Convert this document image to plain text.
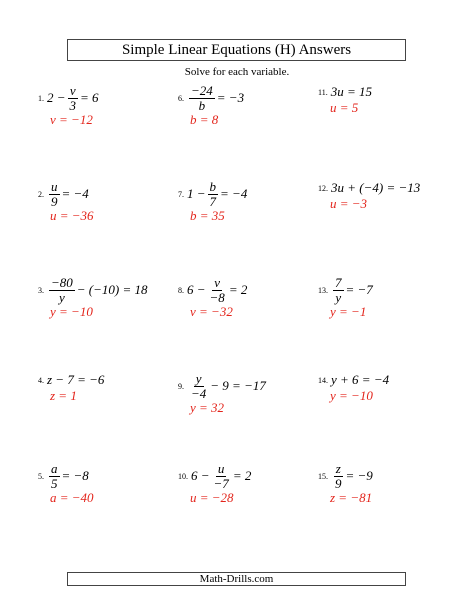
Simple Linear Equations (H) Answers
Solve for each variable.
1. $2 - \frac{v}{3} = 6$
v = −12
2. $\frac{u}{9} = -4$
u = −36
3. $\frac{-80}{y} - (-10) = 18$
y = −10
4. z − 7 = −6
z = 1
5. $\frac{a}{5} = -8$
a = −40
6. $\frac{-24}{b} = -3$
b = 8
7. $1 - \frac{b}{7} = -4$
b = 35
8. $6 - \frac{v}{-8} = 2$
v = −32
9. $\frac{y}{-4} - 9 = -17$
y = 32
10. $6 - \frac{u}{-7} = 2$
u = −28
11. 3u = 15
u = 5
12. 3u + (−4) = −13
u = −3
13. $\frac{7}{y} = -7$
y = −1
14. y + 6 = −4
y = −10
15. $\frac{z}{9} = -9$
z = −81
Math-Drills.com
